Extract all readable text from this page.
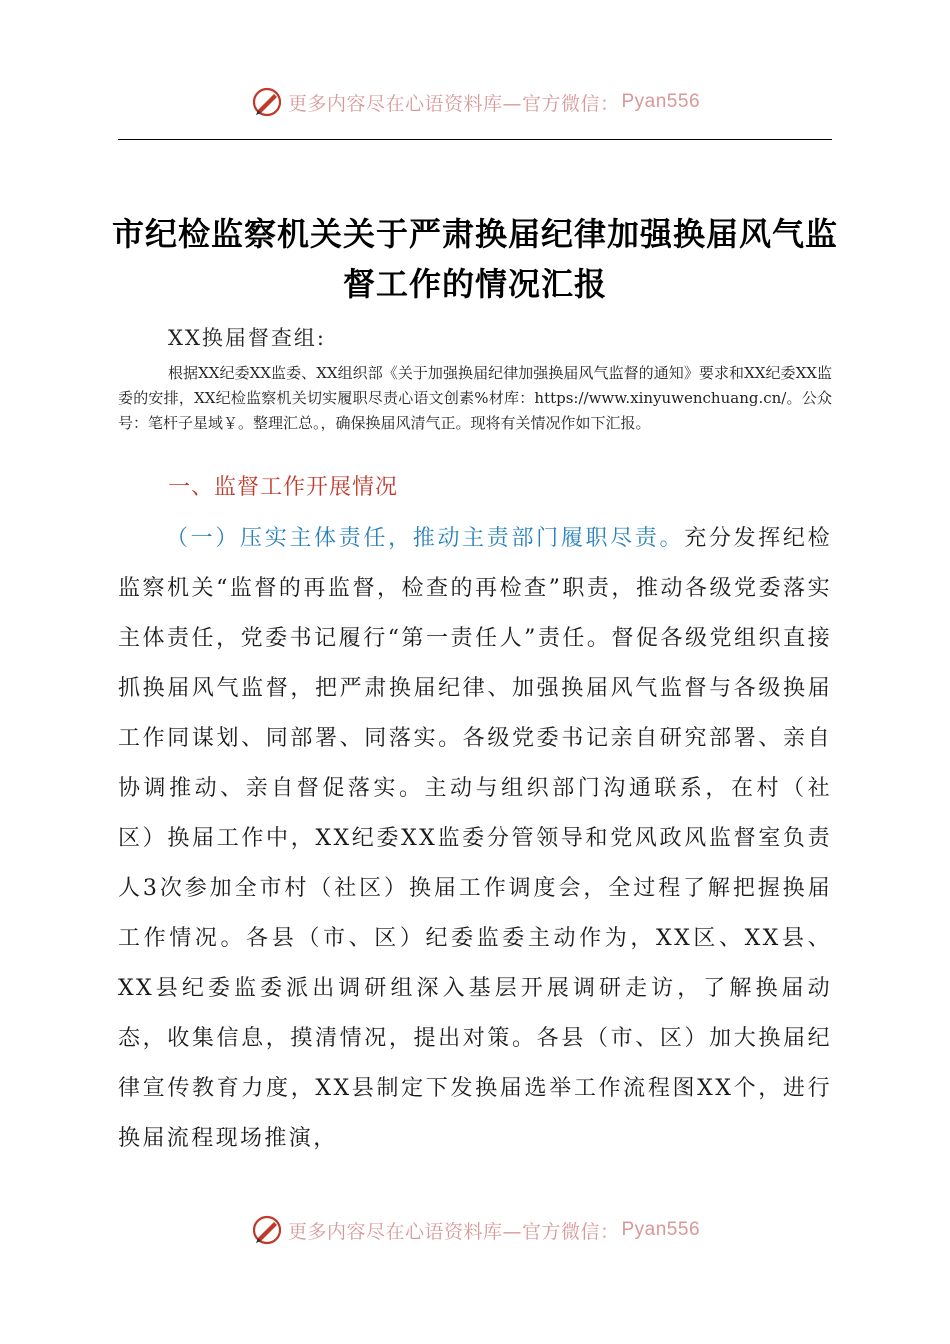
更多内容尽在心语资料库—官方微信： Pyan556
市纪检监察机关关于严肃换届纪律加强换届风气监督工作的情况汇报
XX换届督查组:

根据XX纪委XX监委、XX组织部《关于加强换届纪律加强换届风气监督的通知》要求和XX纪委XX监委的安排，XX纪检监察机关切实履职尽责心语文创素%材库：https://www.xinyuwenchuang.cn/。公众号：笔杆子星域￥。整理汇总。，确保换届风清气正。现将有关情况作如下汇报。

一、监督工作开展情况

（一）压实主体责任，推动主责部门履职尽责。充分发挥纪检监察机关“监督的再监督，检查的再检查”职责，推动各级党委落实主体责任，党委书记履行“第一责任人”责任。督促各级党组织直接抓换届风气监督，把严肃换届纪律、加强换届风气监督与各级换届工作同谋划、同部署、同落实。各级党委书记亲自研究部署、亲自协调推动、亲自督促落实。主动与组织部门沟通联系，在村（社区）换届工作中，XX纪委XX监委分管领导和党风政风监督室负责人3次参加全市村（社区）换届工作调度会，全过程了解把握换届工作情况。各县（市、区）纪委监委主动作为，XX区、XX县、XX县纪委监委派出调研组深入基层开展调研走访，了解换届动态，收集信息，摸清情况，提出对策。各县（市、区）加大换届纪律宣传教育力度，XX县制定下发换届选举工作流程图XX个，进行换届流程现场推演，

更多内容尽在心语资料库—官方微信： Pyan556
